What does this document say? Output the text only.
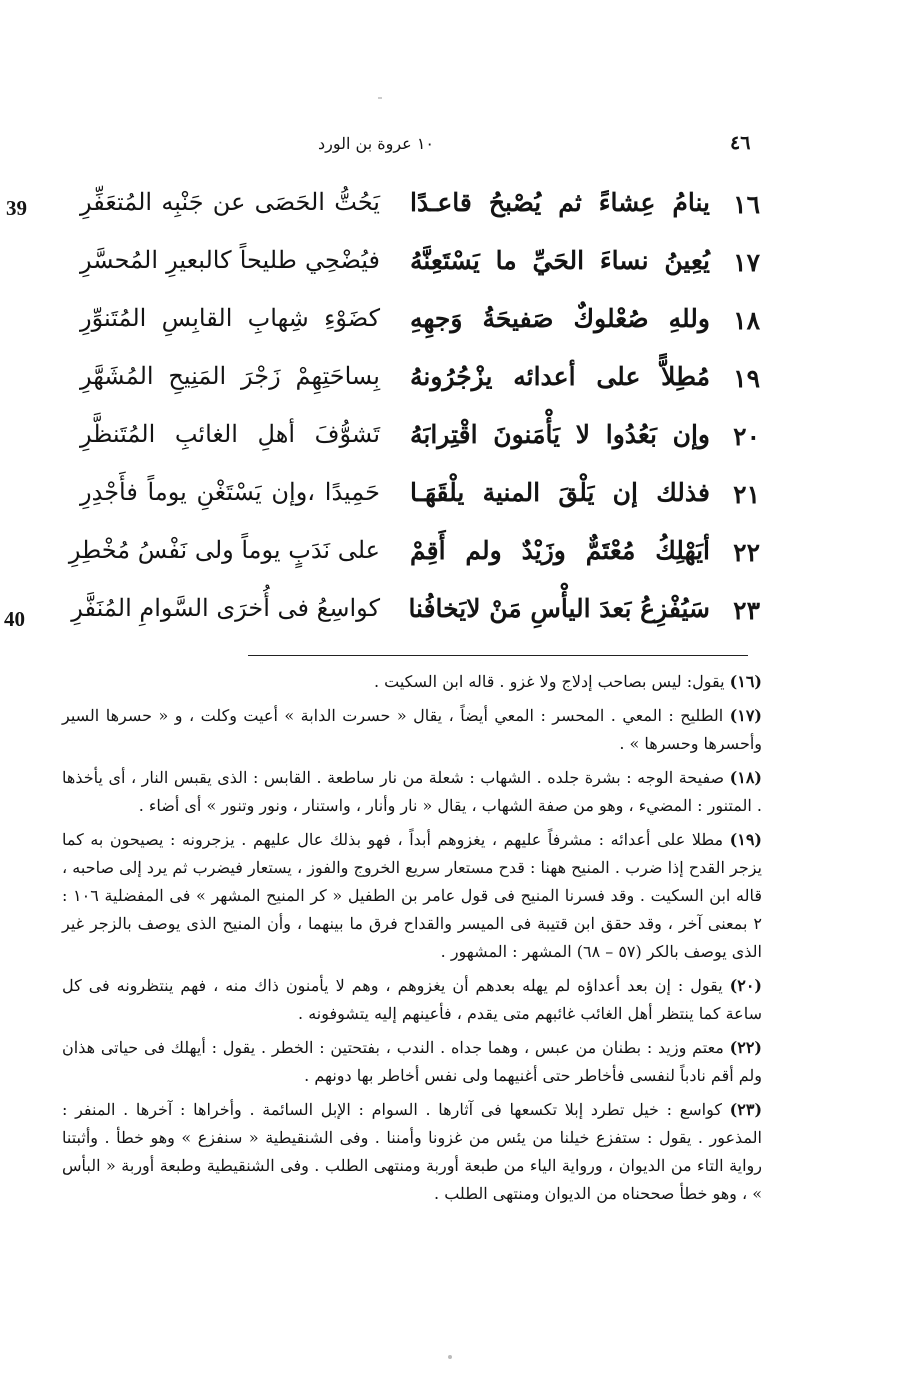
٤٦
١٠ عروة بن الورد
39
40
١٦
ينامُ عِشاءً ثم يُصْبحُ قاعـدًا
يَحُتُّ الحَصَى عن جَنْبِه المُتعَفِّرِ
١٧
يُعِينُ نساءَ الحَيِّ ما يَسْتَعِنَّهُ
فيُضْحِي طليحاً كالبعيرِ المُحسَّرِ
١٨
وللهِ صُعْلوكٌ صَفيحَةُ وَجهِهِ
كضَوْءِ شِهابِ القابِسِ المُتَنوِّرِ
١٩
مُطِلاًّ على أعدائه يزْجُرُونهُ
بِساحَتِهِمْ زَجْرَ المَنِيحِ المُشَهَّرِ
٢٠
وإن بَعُدُوا لا يَأْمَنونَ اقْتِرابَهُ
تَشوُّفَ أهلِ الغائبِ المُتَنظَّرِ
٢١
فذلك إن يَلْقَ المنية يلْقَهَـا
حَمِيدًا ،وإن يَسْتَغْنِ يوماً فأَجْدِرِ
٢٢
أيَهْلِكُ مُعْتَمٌّ وزَيْدٌ ولم أَقِمْ
على نَدَبٍ يوماً ولى نَفْسُ مُخْطِرِ
٢٣
سَيُفْزِعُ بَعدَ اليأْسِ مَنْ لايَخافُنا
كواسِعُ فى أُخرَى السَّوامِ المُنَفَّرِ

(١٦) يقول: ليس بصاحب إدلاج ولا غزو . قاله ابن السكيت .

(١٧) الطليح : المعي . المحسر : المعي أيضاً ، يقال « حسرت الدابة » أعيت وكلت ، و « حسرها السير وأحسرها وحسرها » .

(١٨) صفيحة الوجه : بشرة جلده . الشهاب : شعلة من نار ساطعة . القابس : الذى يقبس النار ، أى يأخذها . المتنور : المضيء ، وهو من صفة الشهاب ، يقال « نار وأنار ، واستنار ، ونور وتنور » أى أضاء .

(١٩) مطلا على أعدائه : مشرفاً عليهم ، يغزوهم أبداً ، فهو بذلك عال عليهم . يزجرونه : يصيحون به كما يزجر القدح إذا ضرب . المنيح ههنا : قدح مستعار سريع الخروج والفوز ، يستعار فيضرب ثم يرد إلى صاحبه ، قاله ابن السكيت . وقد فسرنا المنيح فى قول عامر بن الطفيل « كر المنيح المشهر » فى المفضلية ١٠٦ : ٢ بمعنى آخر ، وقد حقق ابن قتيبة فى الميسر والقداح فرق ما بينهما ، وأن المنيح الذى يوصف بالزجر غير الذى يوصف بالكر (٥٧ – ٦٨) المشهر : المشهور .

(٢٠) يقول : إن بعد أعداؤه لم يهله بعدهم أن يغزوهم ، وهم لا يأمنون ذاك منه ، فهم ينتظرونه فى كل ساعة كما ينتظر أهل الغائب غائبهم متى يقدم ، فأعينهم إليه يتشوفونه .

(٢٢) معتم وزيد : بطنان من عبس ، وهما جداه . الندب ، بفتحتين : الخطر . يقول : أيهلك فى حياتى هذان ولم أقم نادباً لنفسى فأخاطر حتى أغنيهما ولى نفس أخاطر بها دونهم .

(٢٣) كواسع : خيل تطرد إبلا تكسعها فى آثارها . السوام : الإبل السائمة . وأخراها : آخرها . المنفر : المذعور . يقول : ستفزع خيلنا من يئس من غزونا وأمننا . وفى الشنقيطية « سنفزع » وهو خطأ . وأثبتنا رواية التاء من الديوان ، ورواية الياء من طبعة أوربة ومنتهى الطلب . وفى الشنقيطية وطبعة أوربة « البأس » ، وهو خطأ صححناه من الديوان ومنتهى الطلب .
